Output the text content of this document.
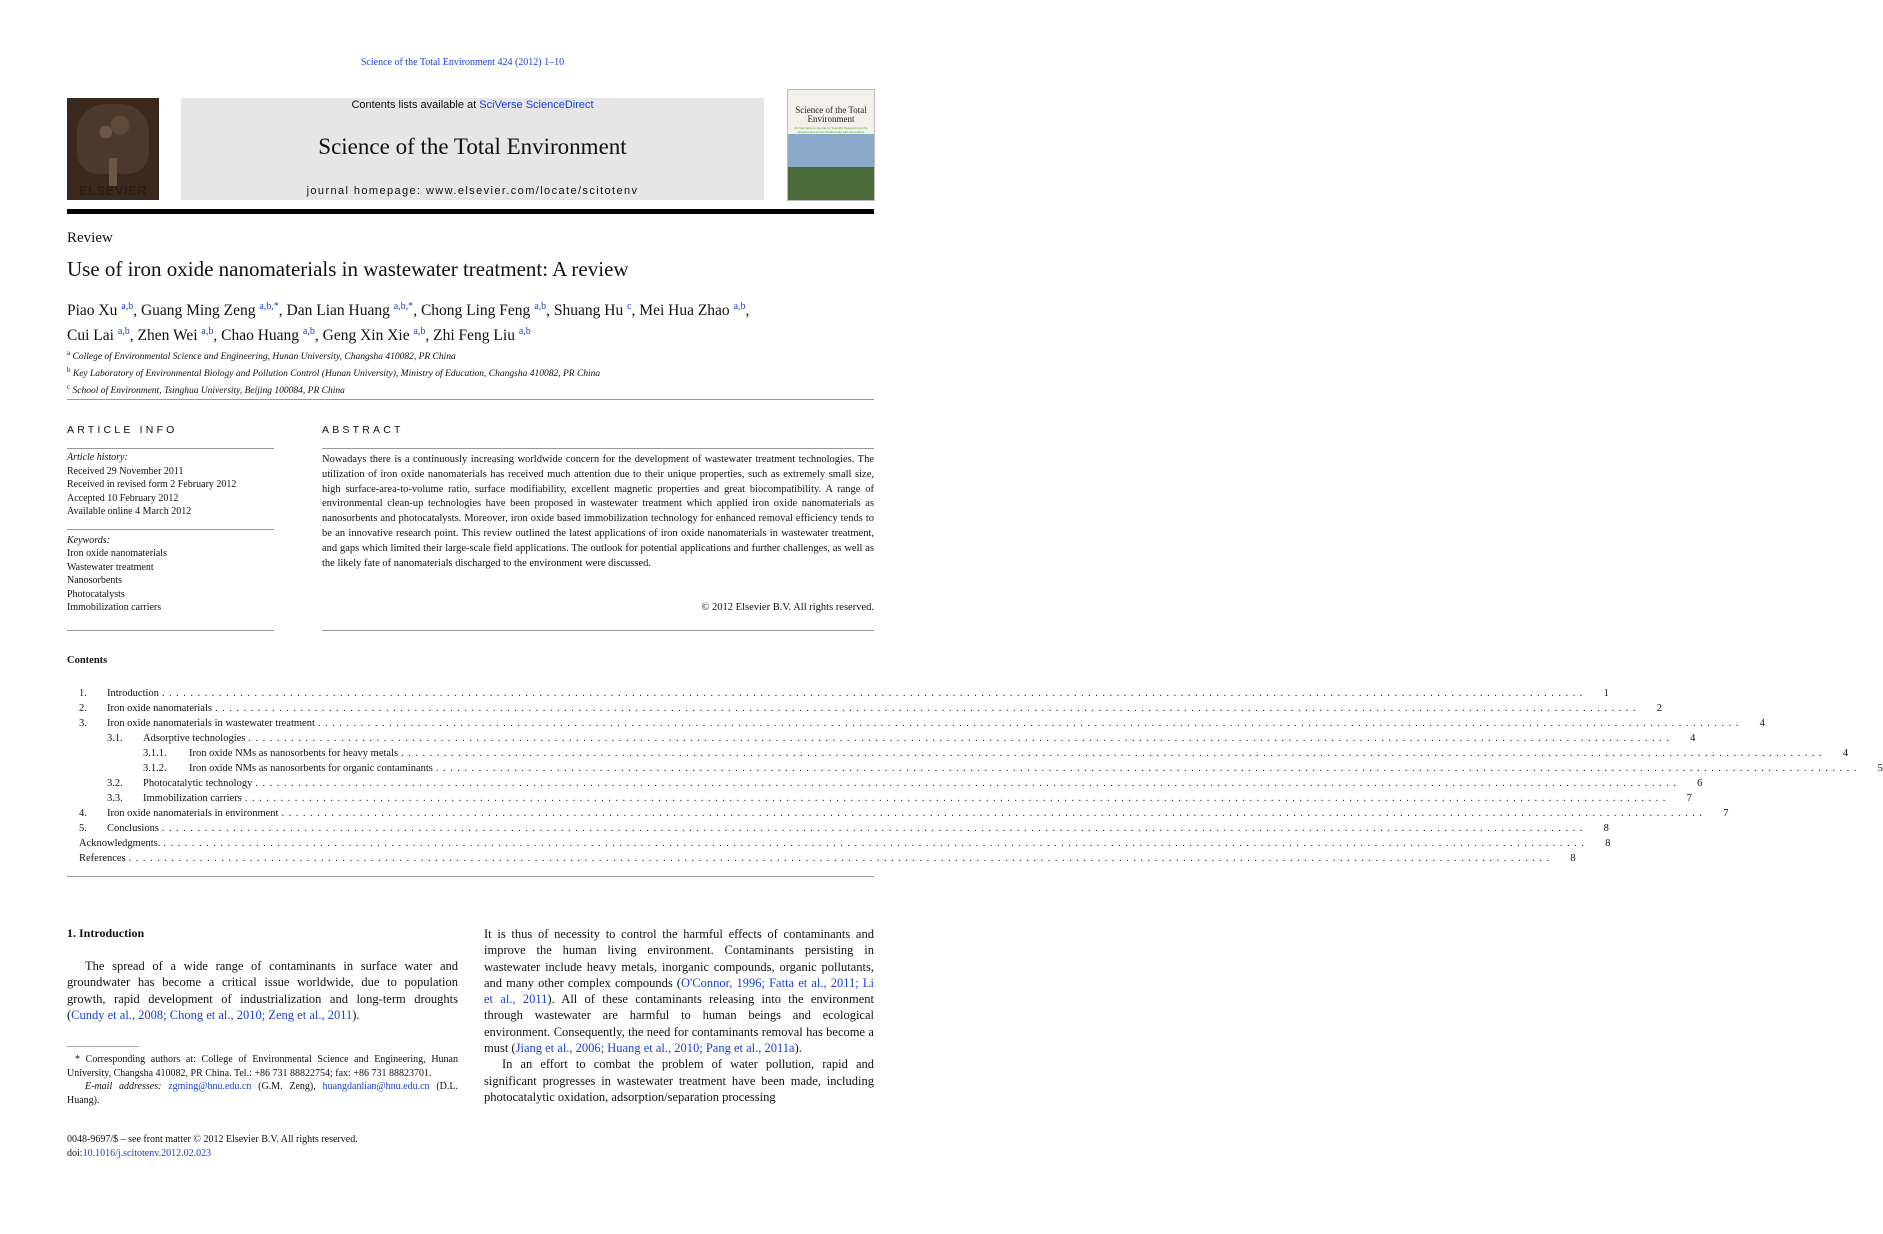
Science of the Total Environment 424 (2012) 1–10
ELSEVIER
Contents lists available at SciVerse ScienceDirect
Science of the Total Environment
journal homepage: www.elsevier.com/locate/scitotenv
Science of the Total Environment
An International Journal for Scientific Research into the Environment and its Relationship with Humankind
Review
Use of iron oxide nanomaterials in wastewater treatment: A review
Piao Xu $^{a,b}$, Guang Ming Zeng $^{a,b,*}$, Dan Lian Huang $^{a,b,*}$, Chong Ling Feng $^{a,b}$, Shuang Hu $^c$, Mei Hua Zhao $^{a,b}$,
Cui Lai $^{a,b}$, Zhen Wei $^{a,b}$, Chao Huang $^{a,b}$, Geng Xin Xie $^{a,b}$, Zhi Feng Liu $^{a,b}$
$^a$ College of Environmental Science and Engineering, Hunan University, Changsha 410082, PR China
$^b$ Key Laboratory of Environmental Biology and Pollution Control (Hunan University), Ministry of Education, Changsha 410082, PR China
$^c$ School of Environment, Tsinghua University, Beijing 100084, PR China
ARTICLE INFO
Article history:
Received 29 November 2011
Received in revised form 2 February 2012
Accepted 10 February 2012
Available online 4 March 2012
Keywords:
Iron oxide nanomaterials
Wastewater treatment
Nanosorbents
Photocatalysts
Immobilization carriers
ABSTRACT
Nowadays there is a continuously increasing worldwide concern for the development of wastewater treatment technologies. The utilization of iron oxide nanomaterials has received much attention due to their unique properties, such as extremely small size, high surface-area-to-volume ratio, surface modifiability, excellent magnetic properties and great biocompatibility. A range of environmental clean-up technologies have been proposed in wastewater treatment which applied iron oxide nanomaterials as nanosorbents and photocatalysts. Moreover, iron oxide based immobilization technology for enhanced removal efficiency tends to be an innovative research point. This review outlined the latest applications of iron oxide nanomaterials in wastewater treatment, and gaps which limited their large-scale field applications. The outlook for potential applications and further challenges, as well as the likely fate of nanomaterials discharged to the environment were discussed.
© 2012 Elsevier B.V. All rights reserved.
Contents
1.	Introduction ........................................................................................................................................................................................................ 1
2.	Iron oxide nanomaterials ........................................................................................................................................................................................................ 2
3.	Iron oxide nanomaterials in wastewater treatment ........................................................................................................................................................................................................ 4
3.1.	Adsorptive technologies ........................................................................................................................................................................................................ 4
3.1.1.	Iron oxide NMs as nanosorbents for heavy metals ........................................................................................................................................................................................................ 4
3.1.2.	Iron oxide NMs as nanosorbents for organic contaminants ........................................................................................................................................................................................................ 5
3.2.	Photocatalytic technology ........................................................................................................................................................................................................ 6
3.3.	Immobilization carriers ........................................................................................................................................................................................................ 7
4.	Iron oxide nanomaterials in environment ........................................................................................................................................................................................................ 7
5.	Conclusions ........................................................................................................................................................................................................ 8
Acknowledgments. ........................................................................................................................................................................................................ 8
References ........................................................................................................................................................................................................ 8
1. Introduction
The spread of a wide range of contaminants in surface water and groundwater has become a critical issue worldwide, due to population growth, rapid development of industrialization and long-term droughts (Cundy et al., 2008; Chong et al., 2010; Zeng et al., 2011).
It is thus of necessity to control the harmful effects of contaminants and improve the human living environment. Contaminants persisting in wastewater include heavy metals, inorganic compounds, organic pollutants, and many other complex compounds (O'Connor, 1996; Fatta et al., 2011; Li et al., 2011). All of these contaminants releasing into the environment through wastewater are harmful to human beings and ecological environment. Consequently, the need for contaminants removal has become a must (Jiang et al., 2006; Huang et al., 2010; Pang et al., 2011a).
In an effort to combat the problem of water pollution, rapid and significant progresses in wastewater treatment have been made, including photocatalytic oxidation, adsorption/separation processing
* Corresponding authors at: College of Environmental Science and Engineering, Hunan University, Changsha 410082, PR China. Tel.: +86 731 88822754; fax: +86 731 88823701.
E-mail addresses: zgming@hnu.edu.cn (G.M. Zeng), huangdanlian@hnu.edu.cn (D.L. Huang).
0048-9697/$ – see front matter © 2012 Elsevier B.V. All rights reserved.
doi:10.1016/j.scitotenv.2012.02.023
